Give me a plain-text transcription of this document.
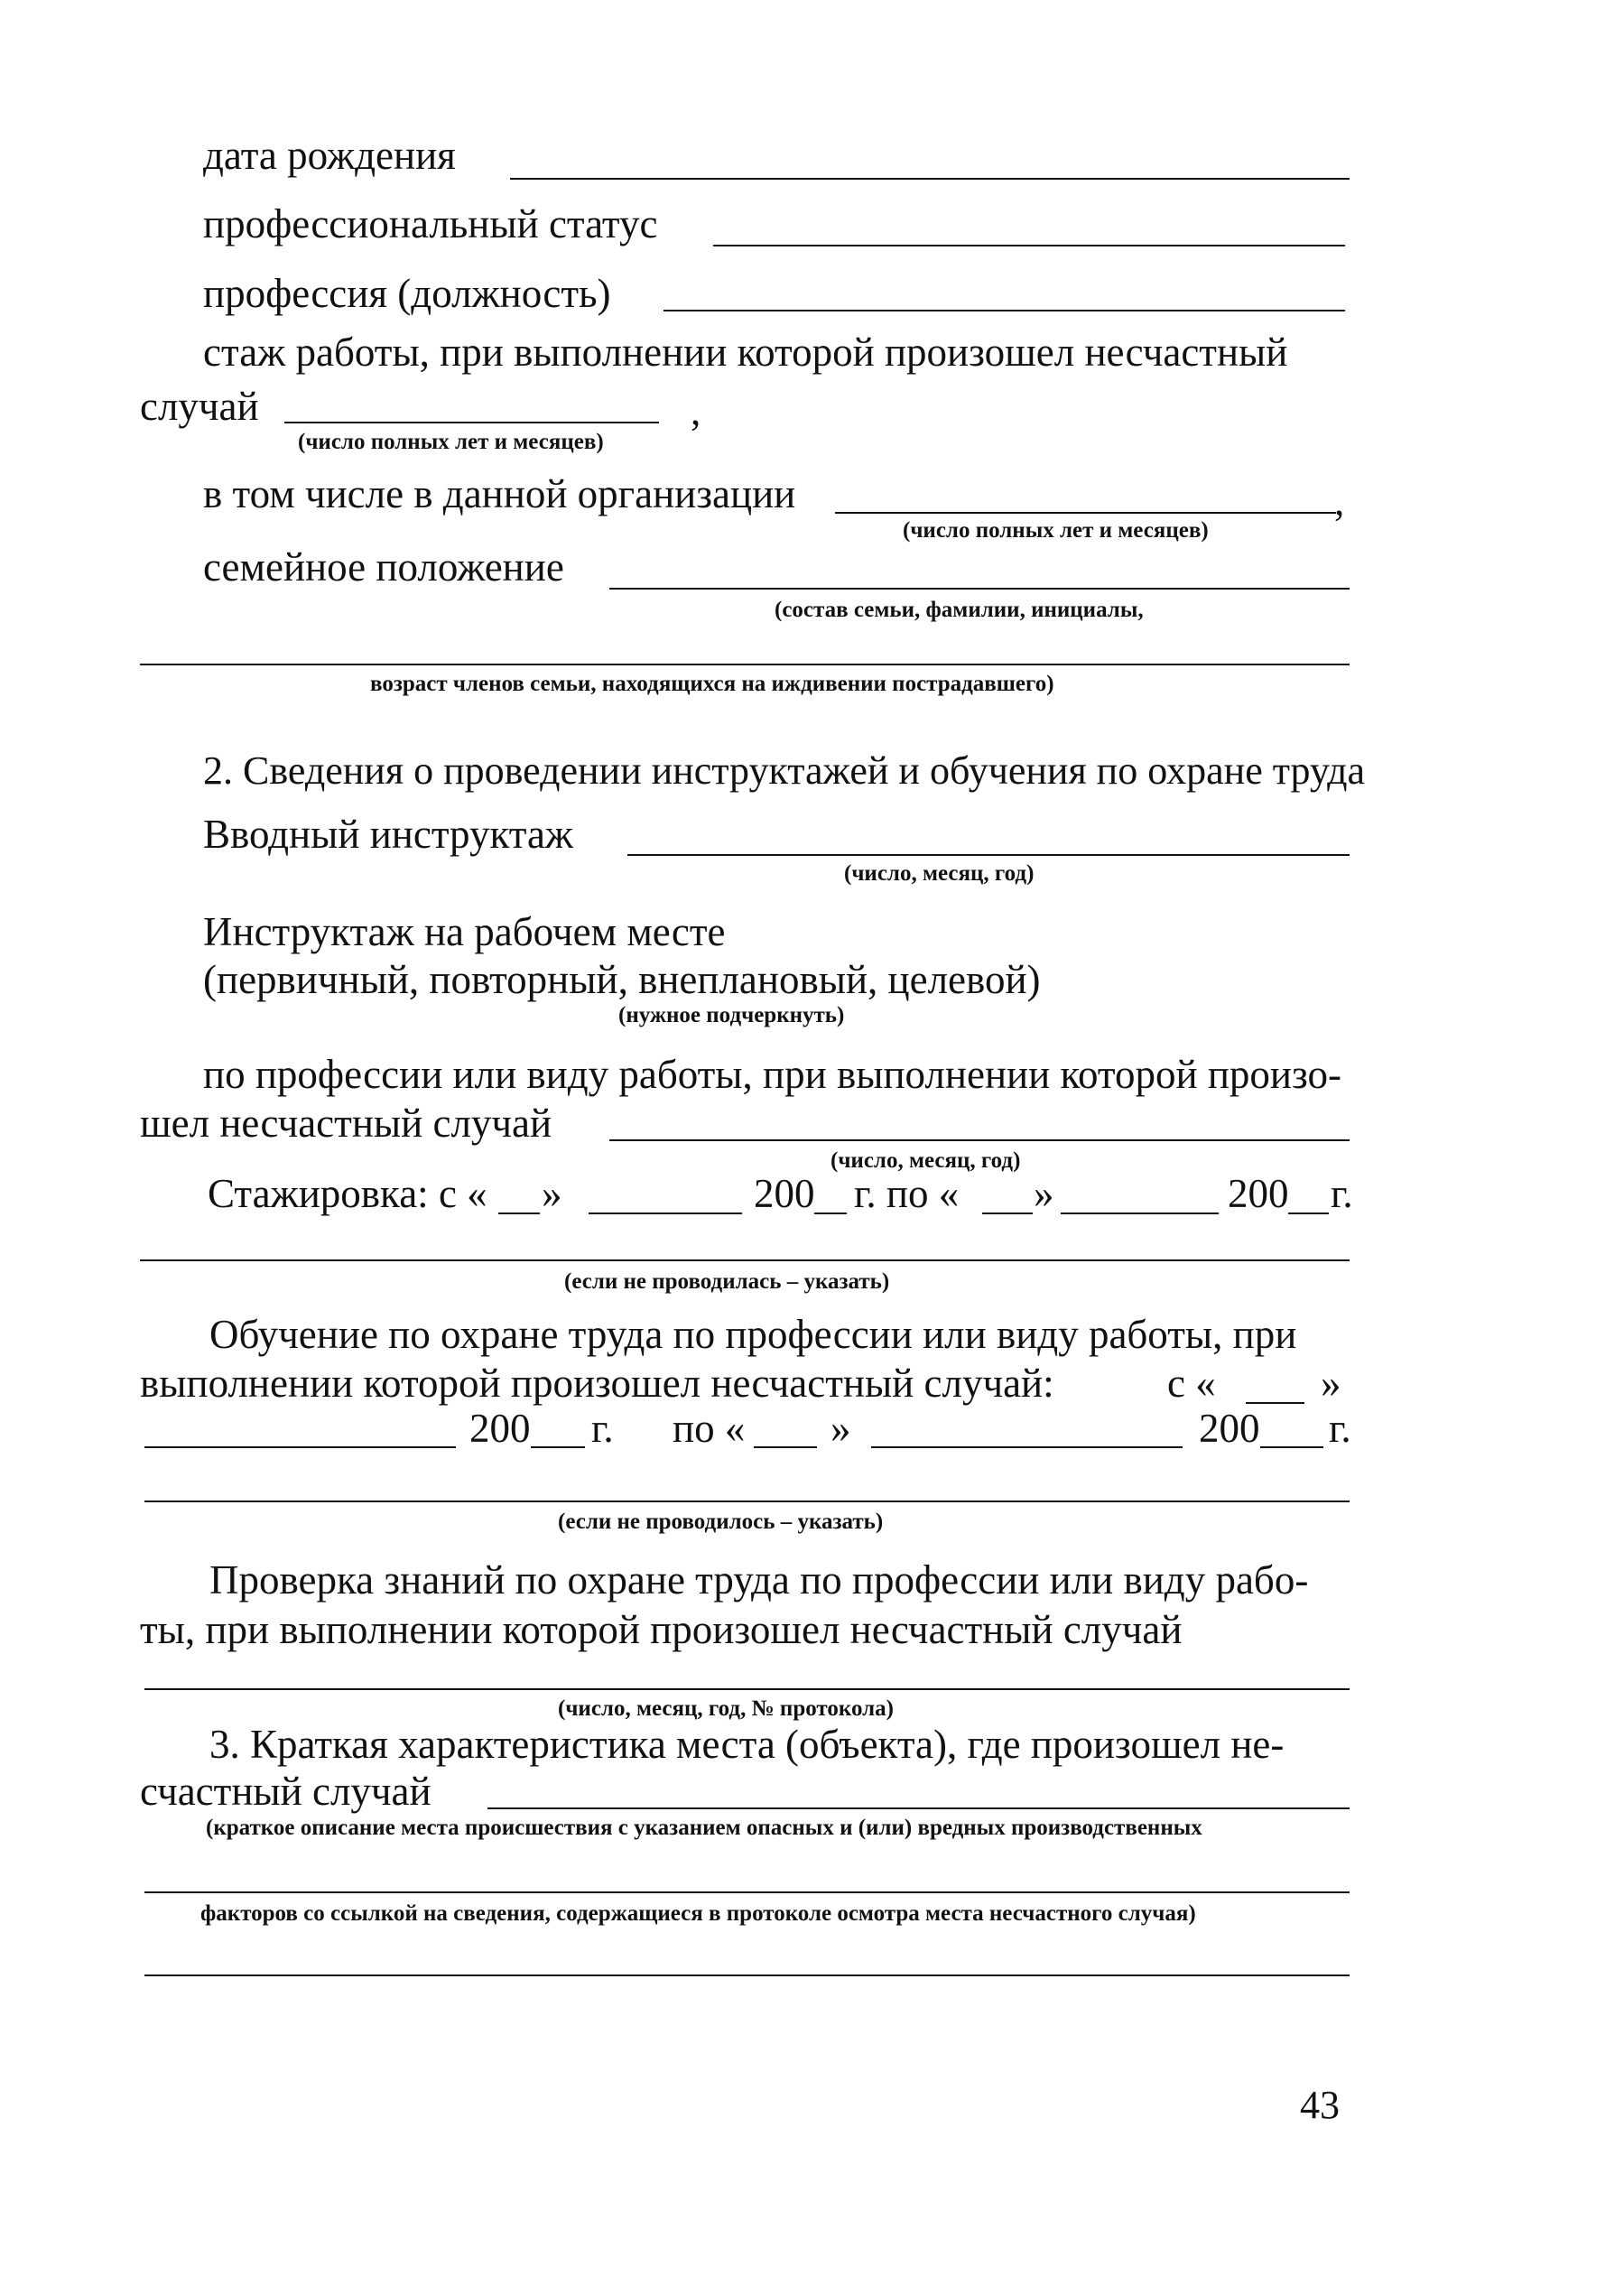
дата рождения
профессиональный статус
профессия (должность)
стаж работы, при выполнении которой произошел несчастный
случай	,
(число полных лет и месяцев)
в том числе в данной организации	,
(число полных лет и месяцев)
семейное положение
(состав семьи, фамилии, инициалы,
возраст членов семьи, находящихся на иждивении пострадавшего)
2. Сведения о проведении инструктажей и обучения по охране труда
Вводный инструктаж
(число, месяц, год)
Инструктаж на рабочем месте
(первичный, повторный, внеплановый, целевой)
(нужное подчеркнуть)
по профессии или виду работы, при выполнении которой произо-
шел несчастный случай
(число, месяц, год)
Стажировка: с « »	200 г. по « »	200 г.
(если не проводилась – указать)
Обучение по охране труда по профессии или виду работы, при
выполнении которой произошел несчастный случай:	с «	»
200 г. по « »	200 г.
(если не проводилось – указать)
Проверка знаний по охране труда по профессии или виду рабо-
ты, при выполнении которой произошел несчастный случай
(число, месяц, год, № протокола)
3. Краткая характеристика места (объекта), где произошел не-
счастный случай
(краткое описание места происшествия с указанием опасных и (или) вредных производственных
факторов со ссылкой на сведения, содержащиеся в протоколе осмотра места несчастного случая)
43
